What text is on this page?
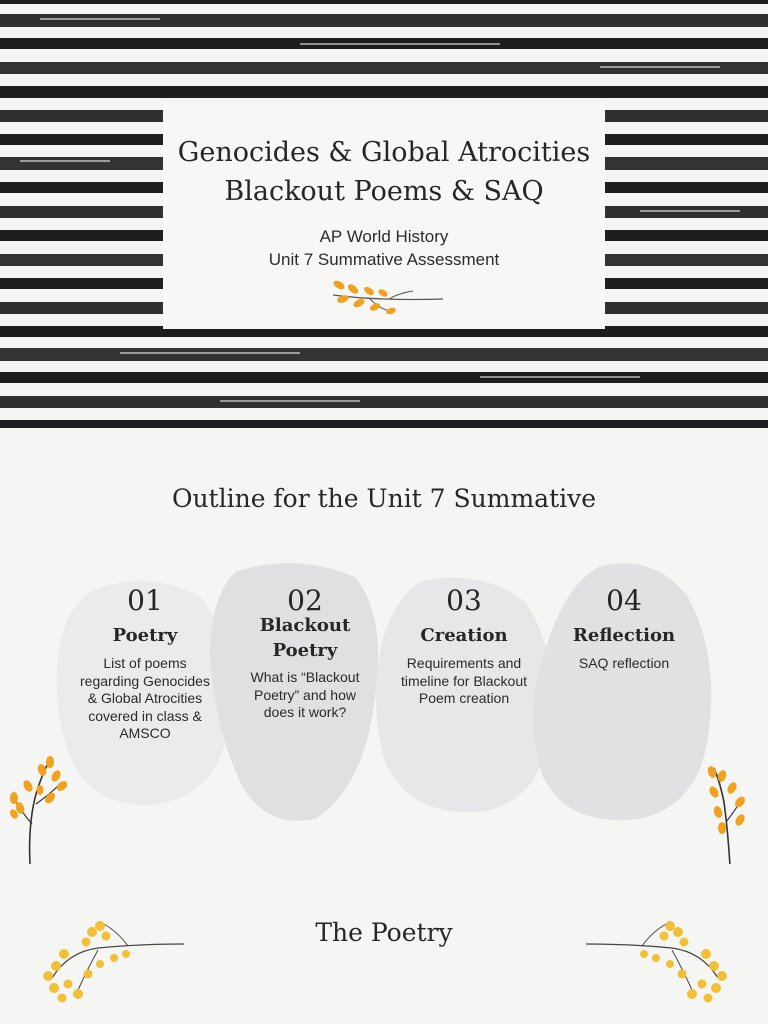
Genocides & Global Atrocities
Blackout Poems & SAQ
AP World History
Unit 7 Summative Assessment
Outline for the Unit 7 Summative
01
Poetry
List of poems regarding Genocides & Global Atrocities covered in class & AMSCO
02
Blackout Poetry
What is “Blackout Poetry” and how does it work?
03
Creation
Requirements and timeline for Blackout Poem creation
04
Reflection
SAQ reflection
The Poetry
